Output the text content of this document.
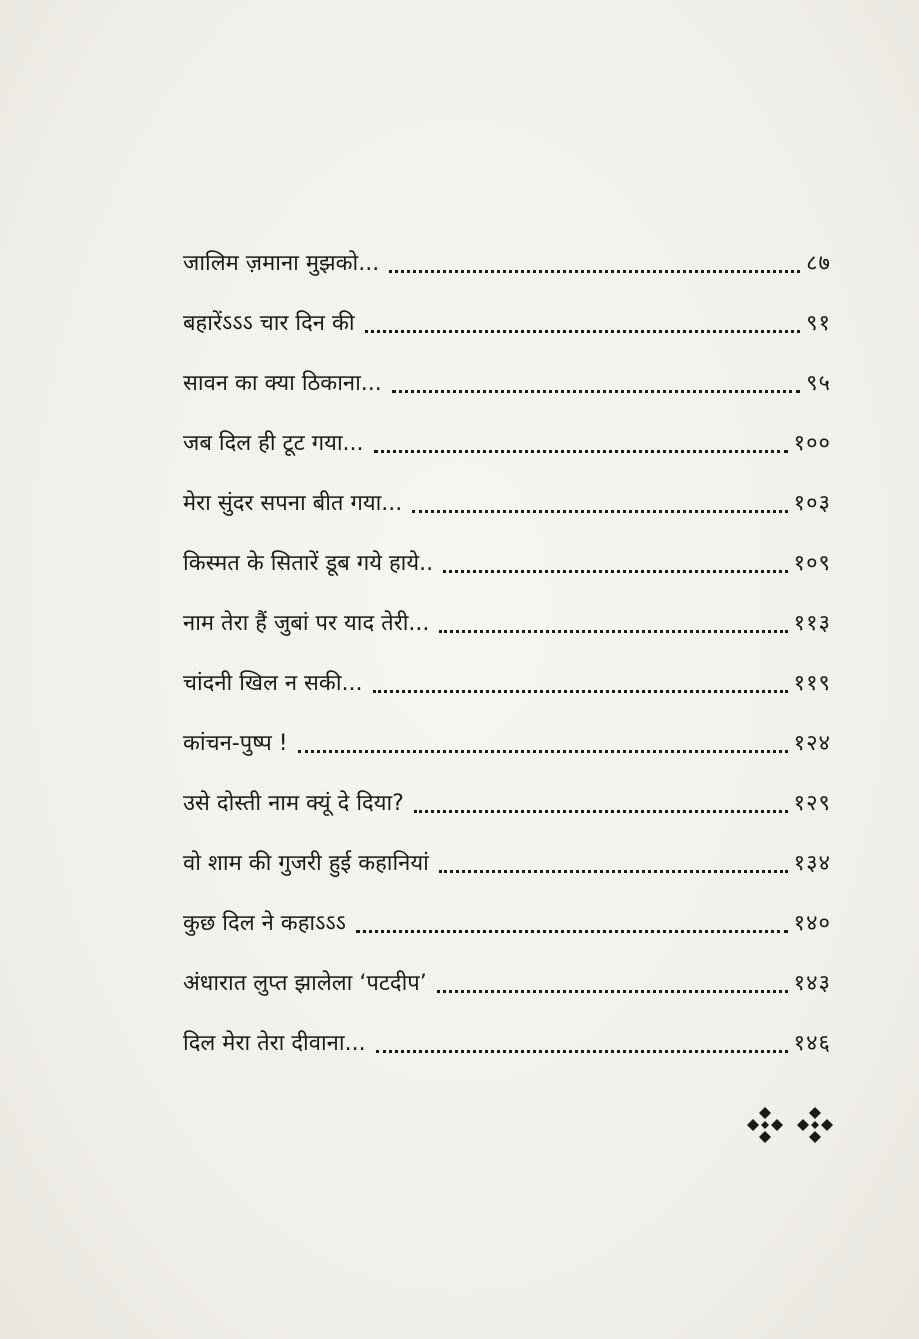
जालिम ज़माना मुझको...	८७
बहारेंऽऽऽ चार दिन की	९१
सावन का क्या ठिकाना...	९५
जब दिल ही टूट गया...	१००
मेरा सुंदर सपना बीत गया...	१०३
किस्मत के सितारें डूब गये हाये..	१०९
नाम तेरा हैं जुबां पर याद तेरी...	११३
चांदनी खिल न सकी...	११९
कांचन-पुष्प !	१२४
उसे दोस्ती नाम क्यूं दे दिया?	१२९
वो शाम की गुजरी हुई कहानियां	१३४
कुछ दिल ने कहाऽऽऽ	१४०
अंधारात लुप्त झालेला ‘पटदीप’	१४३
दिल मेरा तेरा दीवाना...	१४६
